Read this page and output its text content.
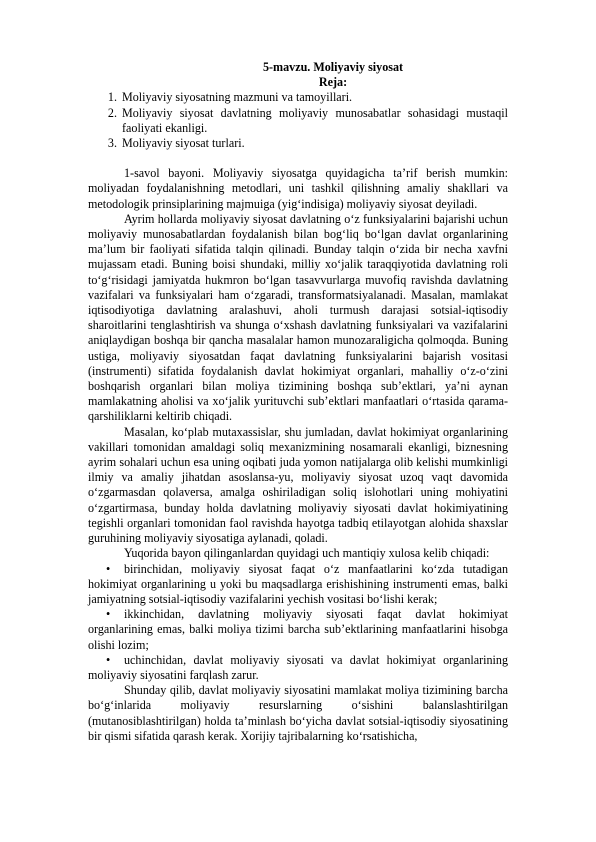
5-mavzu. Moliyaviy siyosat
Reja:
1. Moliyaviy siyosatning mazmuni va tamoyillari.
2. Moliyaviy siyosat davlatning moliyaviy munosabatlar sohasidagi mustaqil faoliyati ekanligi.
3. Moliyaviy siyosat turlari.

1-savol bayoni. Moliyaviy siyosatga quyidagicha ta’rif berish mumkin: moliyadan foydalanishning metodlari, uni tashkil qilishning amaliy shakllari va metodologik prinsiplarining majmuiga (yig‘indisiga) moliyaviy siyosat deyiladi.

Ayrim hollarda moliyaviy siyosat davlatning o‘z funksiyalarini bajarishi uchun moliyaviy munosabatlardan foydalanish bilan bog‘liq bo‘lgan davlat organlarining ma’lum bir faoliyati sifatida talqin qilinadi. Bunday talqin o‘zida bir necha xavfni mujassam etadi. Buning boisi shundaki, milliy xo‘jalik taraqqiyotida davlatning roli to‘g‘risidagi jamiyatda hukmron bo‘lgan tasavvurlarga muvofiq ravishda davlatning vazifalari va funksiyalari ham o‘zgaradi, transformatsiyalanadi. Masalan, mamlakat iqtisodiyotiga davlatning aralashuvi, aholi turmush darajasi sotsial-iqtisodiy sharoitlarini tenglashtirish va shunga o‘xshash davlatning funksiyalari va vazifalarini aniqlaydigan boshqa bir qancha masalalar hamon munozaraligicha qolmoqda. Buning ustiga, moliyaviy siyosatdan faqat davlatning funksiyalarini bajarish vositasi (instrumenti) sifatida foydalanish davlat hokimiyat organlari, mahalliy o‘z-o‘zini boshqarish organlari bilan moliya tizimining boshqa sub’ektlari, ya’ni aynan mamlakatning aholisi va xo‘jalik yurituvchi sub’ektlari manfaatlari o‘rtasida qarama-qarshiliklarni keltirib chiqadi.

Masalan, ko‘plab mutaxassislar, shu jumladan, davlat hokimiyat organlarining vakillari tomonidan amaldagi soliq mexanizmining nosamarali ekanligi, biznesning ayrim sohalari uchun esa uning oqibati juda yomon natijalarga olib kelishi mumkinligi ilmiy va amaliy jihatdan asoslansa-yu, moliyaviy siyosat uzoq vaqt davomida o‘zgarmasdan qolaversa, amalga oshiriladigan soliq islohotlari uning mohiyatini o‘zgartirmasa, bunday holda davlatning moliyaviy siyosati davlat hokimiyatining tegishli organlari tomonidan faol ravishda hayotga tadbiq etilayotgan alohida shaxslar guruhining moliyaviy siyosatiga aylanadi, qoladi.

Yuqorida bayon qilinganlardan quyidagi uch mantiqiy xulosa kelib chiqadi:

• birinchidan, moliyaviy siyosat faqat o‘z manfaatlarini ko‘zda tutadigan hokimiyat organlarining u yoki bu maqsadlarga erishishining instrumenti emas, balki jamiyatning sotsial-iqtisodiy vazifalarini yechish vositasi bo‘lishi kerak;
• ikkinchidan, davlatning moliyaviy siyosati faqat davlat hokimiyat organlarining emas, balki moliya tizimi barcha sub’ektlarining manfaatlarini hisobga olishi lozim;
• uchinchidan, davlat moliyaviy siyosati va davlat hokimiyat organlarining moliyaviy siyosatini farqlash zarur.

Shunday qilib, davlat moliyaviy siyosatini mamlakat moliya tizimining barcha bo‘g‘inlarida moliyaviy resurslarning o‘sishini balanslashtirilgan (mutanosiblashtirilgan) holda ta’minlash bo‘yicha davlat sotsial-iqtisodiy siyosatining bir qismi sifatida qarash kerak. Xorijiy tajribalarning ko‘rsatishicha,
